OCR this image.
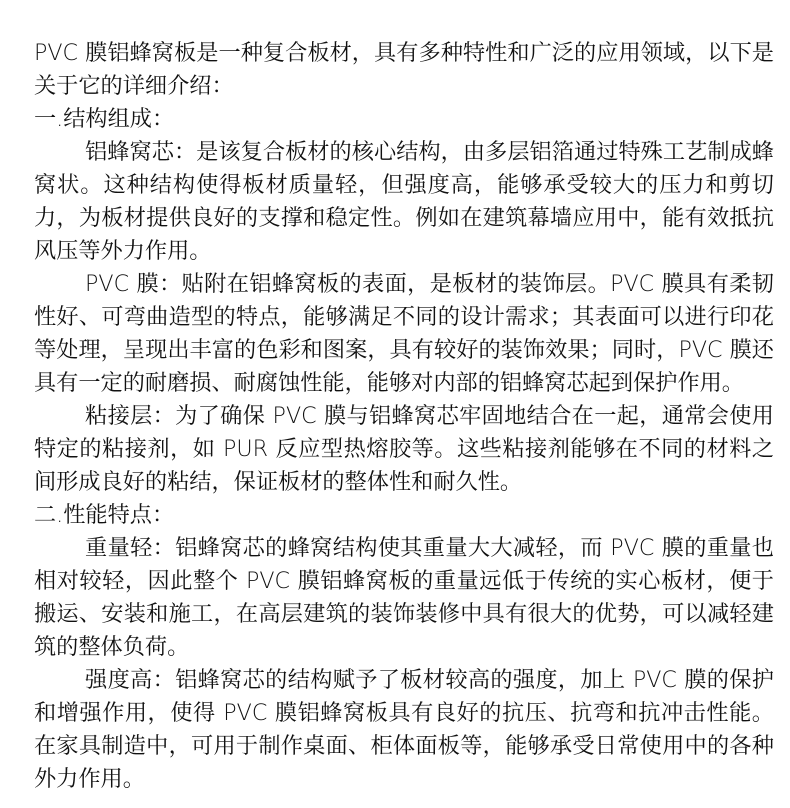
PVC 膜铝蜂窝板是一种复合板材，具有多种特性和广泛的应用领域，以下是关于它的详细介绍：

一.结构组成：

铝蜂窝芯：是该复合板材的核心结构，由多层铝箔通过特殊工艺制成蜂窝状。这种结构使得板材质量轻，但强度高，能够承受较大的压力和剪切力，为板材提供良好的支撑和稳定性。例如在建筑幕墙应用中，能有效抵抗风压等外力作用。

PVC 膜：贴附在铝蜂窝板的表面，是板材的装饰层。PVC 膜具有柔韧性好、可弯曲造型的特点，能够满足不同的设计需求；其表面可以进行印花等处理，呈现出丰富的色彩和图案，具有较好的装饰效果；同时，PVC 膜还具有一定的耐磨损、耐腐蚀性能，能够对内部的铝蜂窝芯起到保护作用。

粘接层：为了确保 PVC 膜与铝蜂窝芯牢固地结合在一起，通常会使用特定的粘接剂，如 PUR 反应型热熔胶等。这些粘接剂能够在不同的材料之间形成良好的粘结，保证板材的整体性和耐久性。

二.性能特点：

重量轻：铝蜂窝芯的蜂窝结构使其重量大大减轻，而 PVC 膜的重量也相对较轻，因此整个 PVC 膜铝蜂窝板的重量远低于传统的实心板材，便于搬运、安装和施工，在高层建筑的装饰装修中具有很大的优势，可以减轻建筑的整体负荷。

强度高：铝蜂窝芯的结构赋予了板材较高的强度，加上 PVC 膜的保护和增强作用，使得 PVC 膜铝蜂窝板具有良好的抗压、抗弯和抗冲击性能。在家具制造中，可用于制作桌面、柜体面板等，能够承受日常使用中的各种外力作用。
